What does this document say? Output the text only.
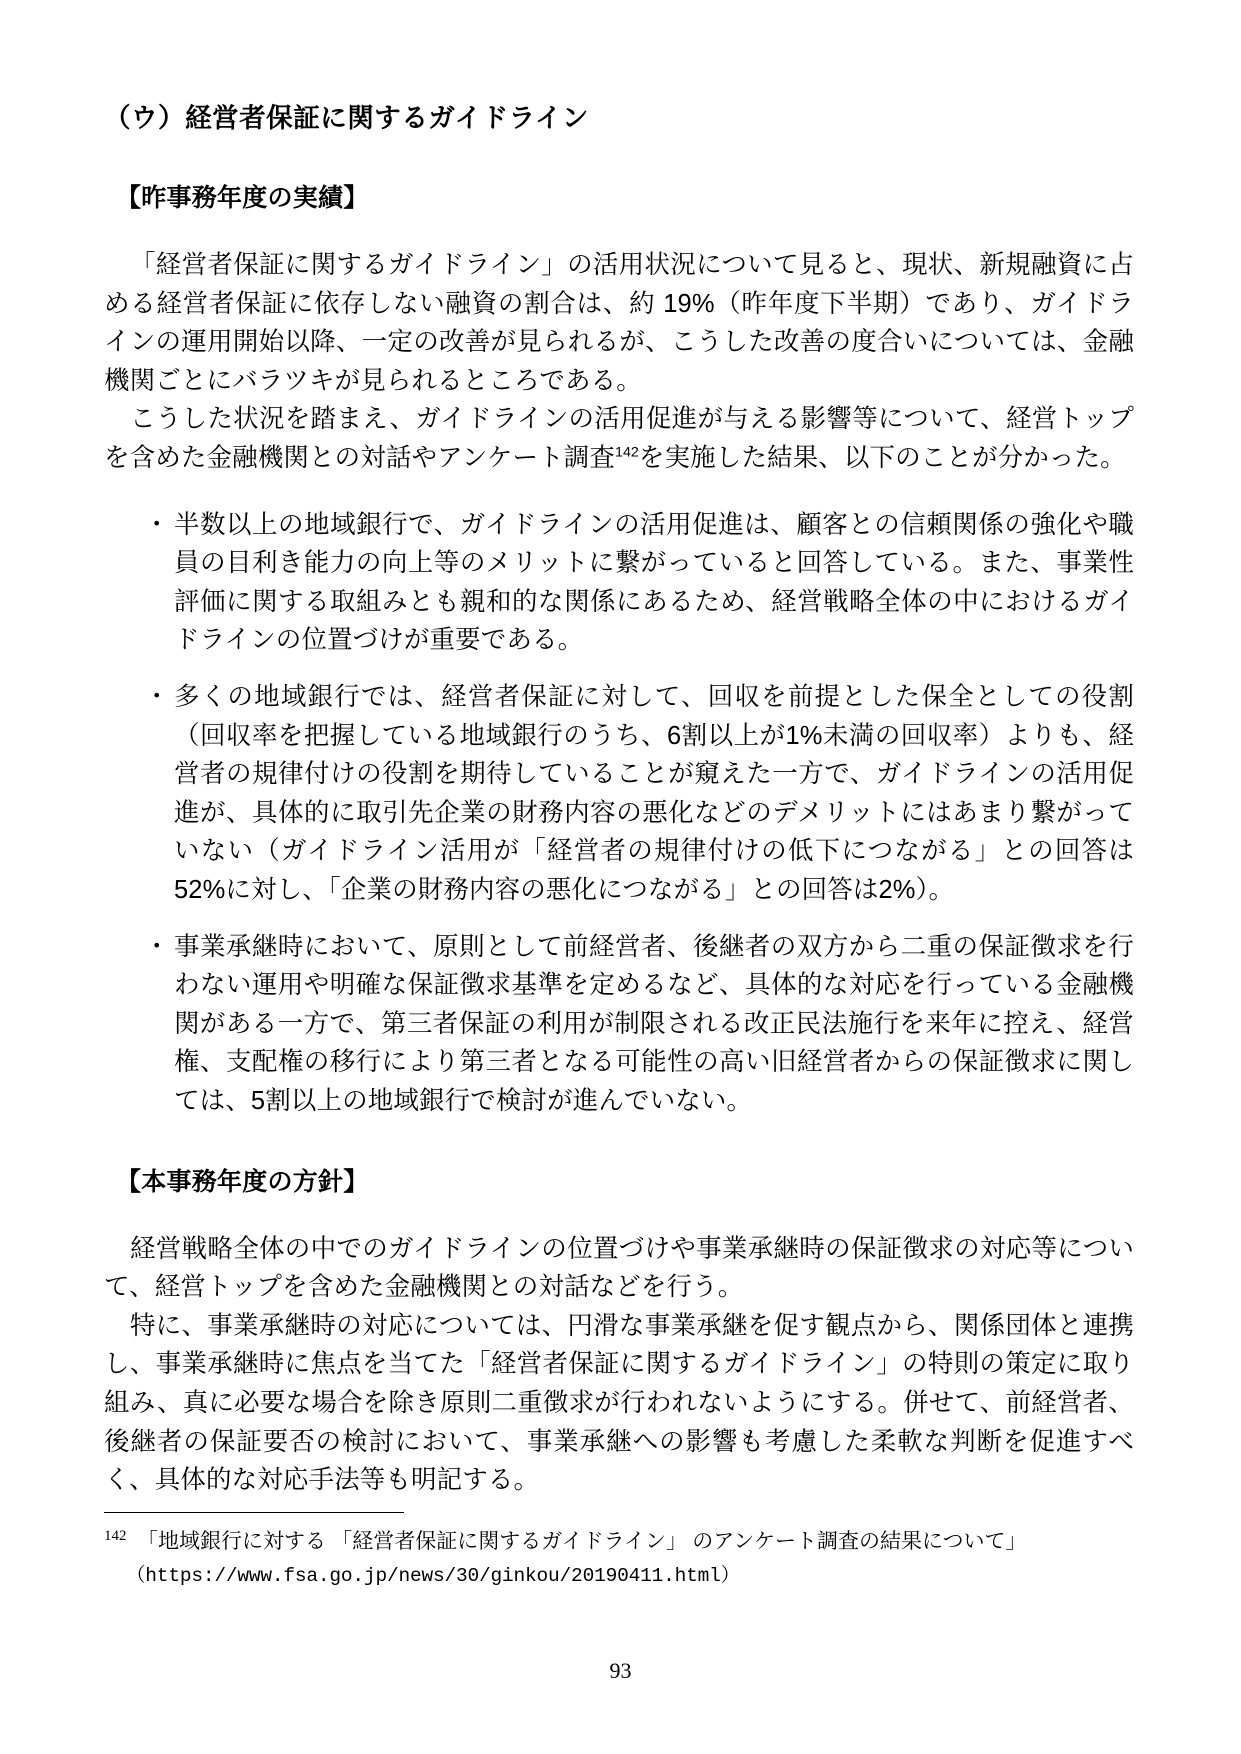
（ウ）経営者保証に関するガイドライン
【昨事務年度の実績】

「経営者保証に関するガイドライン」の活用状況について見ると、現状、新規融資に占める経営者保証に依存しない融資の割合は、約 19%（昨年度下半期）であり、ガイドラインの運用開始以降、一定の改善が見られるが、こうした改善の度合いについては、金融機関ごとにバラツキが見られるところである。

こうした状況を踏まえ、ガイドラインの活用促進が与える影響等について、経営トップを含めた金融機関との対話やアンケート調査$^{142}$を実施した結果、以下のことが分かった。

・ 半数以上の地域銀行で、ガイドラインの活用促進は、顧客との信頼関係の強化や職員の目利き能力の向上等のメリットに繋がっていると回答している。また、事業性評価に関する取組みとも親和的な関係にあるため、経営戦略全体の中におけるガイドラインの位置づけが重要である。
・ 多くの地域銀行では、経営者保証に対して、回収を前提とした保全としての役割（回収率を把握している地域銀行のうち、6割以上が1%未満の回収率）よりも、経営者の規律付けの役割を期待していることが窺えた一方で、ガイドラインの活用促進が、具体的に取引先企業の財務内容の悪化などのデメリットにはあまり繋がっていない（ガイドライン活用が「経営者の規律付けの低下につながる」との回答は52%に対し、「企業の財務内容の悪化につながる」との回答は2%）。
・ 事業承継時において、原則として前経営者、後継者の双方から二重の保証徴求を行わない運用や明確な保証徴求基準を定めるなど、具体的な対応を行っている金融機関がある一方で、第三者保証の利用が制限される改正民法施行を来年に控え、経営権、支配権の移行により第三者となる可能性の高い旧経営者からの保証徴求に関しては、5割以上の地域銀行で検討が進んでいない。
【本事務年度の方針】

経営戦略全体の中でのガイドラインの位置づけや事業承継時の保証徴求の対応等について、経営トップを含めた金融機関との対話などを行う。

特に、事業承継時の対応については、円滑な事業承継を促す観点から、関係団体と連携し、事業承継時に焦点を当てた「経営者保証に関するガイドライン」の特則の策定に取り組み、真に必要な場合を除き原則二重徴求が行われないようにする。併せて、前経営者、後継者の保証要否の検討において、事業承継への影響も考慮した柔軟な判断を促進すべく、具体的な対応手法等も明記する。

$^{142}$ 「地域銀行に対する 「経営者保証に関するガイドライン」 のアンケート調査の結果について」

（https://www.fsa.go.jp/news/30/ginkou/20190411.html）

93
